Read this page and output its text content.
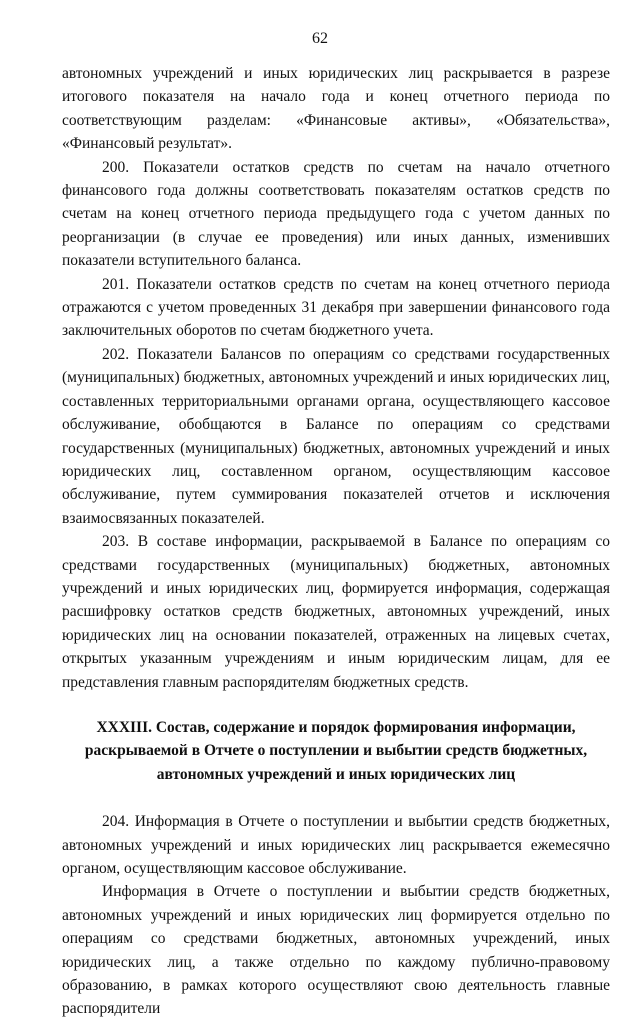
62

автономных учреждений и иных юридических лиц раскрывается в разрезе итогового показателя на начало года и конец отчетного периода по соответствующим разделам: «Финансовые активы», «Обязательства», «Финансовый результат».

200. Показатели остатков средств по счетам на начало отчетного финансового года должны соответствовать показателям остатков средств по счетам на конец отчетного периода предыдущего года с учетом данных по реорганизации (в случае ее проведения) или иных данных, изменивших показатели вступительного баланса.

201. Показатели остатков средств по счетам на конец отчетного периода отражаются с учетом проведенных 31 декабря при завершении финансового года заключительных оборотов по счетам бюджетного учета.

202. Показатели Балансов по операциям со средствами государственных (муниципальных) бюджетных, автономных учреждений и иных юридических лиц, составленных территориальными органами органа, осуществляющего кассовое обслуживание, обобщаются в Балансе по операциям со средствами государственных (муниципальных) бюджетных, автономных учреждений и иных юридических лиц, составленном органом, осуществляющим кассовое обслуживание, путем суммирования показателей отчетов и исключения взаимосвязанных показателей.

203. В составе информации, раскрываемой в Балансе по операциям со средствами государственных (муниципальных) бюджетных, автономных учреждений и иных юридических лиц, формируется информация, содержащая расшифровку остатков средств бюджетных, автономных учреждений, иных юридических лиц на основании показателей, отраженных на лицевых счетах, открытых указанным учреждениям и иным юридическим лицам, для ее представления главным распорядителям бюджетных средств.

XXXIII. Состав, содержание и порядок формирования информации,
раскрываемой в Отчете о поступлении и выбытии средств бюджетных,
автономных учреждений и иных юридических лиц

204. Информация в Отчете о поступлении и выбытии средств бюджетных, автономных учреждений и иных юридических лиц раскрывается ежемесячно органом, осуществляющим кассовое обслуживание.

Информация в Отчете о поступлении и выбытии средств бюджетных, автономных учреждений и иных юридических лиц формируется отдельно по операциям со средствами бюджетных, автономных учреждений, иных юридических лиц, а также отдельно по каждому публично-правовому образованию, в рамках которого осуществляют свою деятельность главные распорядители
